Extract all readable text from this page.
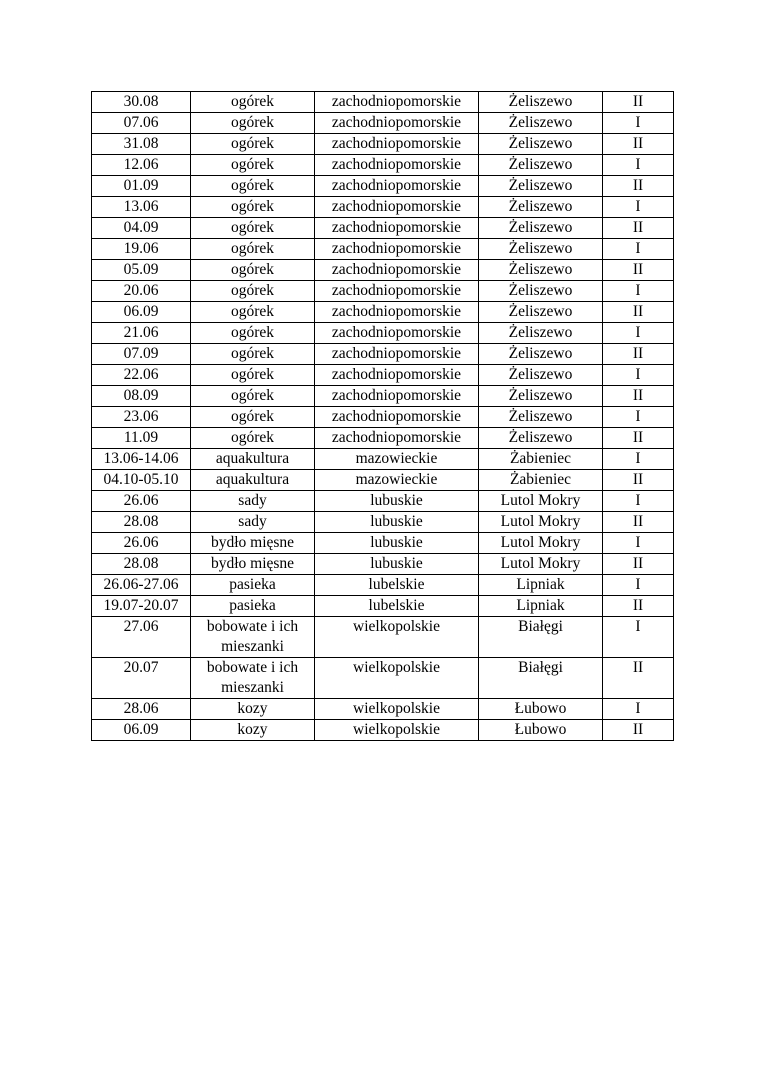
30.08	ogórek	zachodniopomorskie	Żeliszewo	II
07.06	ogórek	zachodniopomorskie	Żeliszewo	I
31.08	ogórek	zachodniopomorskie	Żeliszewo	II
12.06	ogórek	zachodniopomorskie	Żeliszewo	I
01.09	ogórek	zachodniopomorskie	Żeliszewo	II
13.06	ogórek	zachodniopomorskie	Żeliszewo	I
04.09	ogórek	zachodniopomorskie	Żeliszewo	II
19.06	ogórek	zachodniopomorskie	Żeliszewo	I
05.09	ogórek	zachodniopomorskie	Żeliszewo	II
20.06	ogórek	zachodniopomorskie	Żeliszewo	I
06.09	ogórek	zachodniopomorskie	Żeliszewo	II
21.06	ogórek	zachodniopomorskie	Żeliszewo	I
07.09	ogórek	zachodniopomorskie	Żeliszewo	II
22.06	ogórek	zachodniopomorskie	Żeliszewo	I
08.09	ogórek	zachodniopomorskie	Żeliszewo	II
23.06	ogórek	zachodniopomorskie	Żeliszewo	I
11.09	ogórek	zachodniopomorskie	Żeliszewo	II
13.06-14.06	aquakultura	mazowieckie	Żabieniec	I
04.10-05.10	aquakultura	mazowieckie	Żabieniec	II
26.06	sady	lubuskie	Lutol Mokry	I
28.08	sady	lubuskie	Lutol Mokry	II
26.06	bydło mięsne	lubuskie	Lutol Mokry	I
28.08	bydło mięsne	lubuskie	Lutol Mokry	II
26.06-27.06	pasieka	lubelskie	Lipniak	I
19.07-20.07	pasieka	lubelskie	Lipniak	II
27.06	bobowate i ich mieszanki	wielkopolskie	Białęgi	I
20.07	bobowate i ich mieszanki	wielkopolskie	Białęgi	II
28.06	kozy	wielkopolskie	Łubowo	I
06.09	kozy	wielkopolskie	Łubowo	II
